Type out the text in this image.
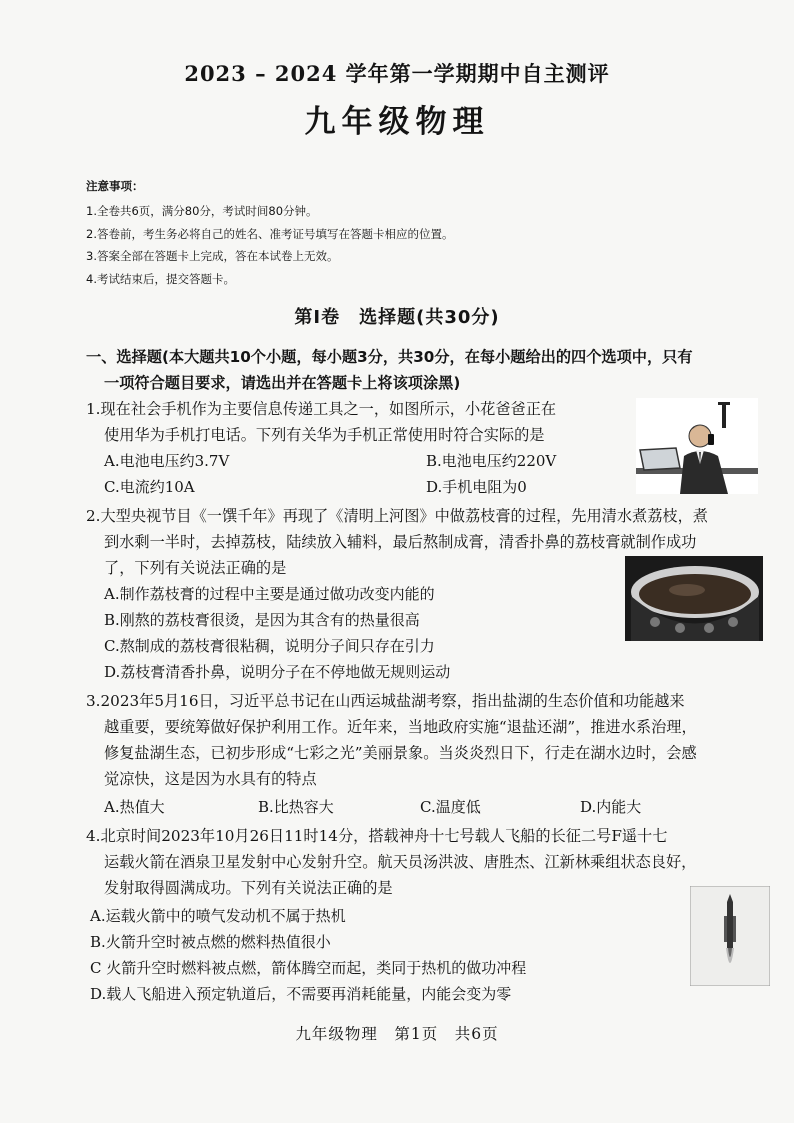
2023 – 2024 学年第一学期期中自主测评
九年级物理
注意事项：
1.全卷共6页，满分80分，考试时间80分钟。
2.答卷前，考生务必将自己的姓名、准考证号填写在答题卡相应的位置。
3.答案全部在答题卡上完成，答在本试卷上无效。
4.考试结束后，提交答题卡。
第Ⅰ卷　选择题(共30分)
一、选择题(本大题共10个小题，每小题3分，共30分，在每小题给出的四个选项中，只有
一项符合题目要求，请选出并在答题卡上将该项涂黑)
1.现在社会手机作为主要信息传递工具之一，如图所示，小花爸爸正在
使用华为手机打电话。下列有关华为手机正常使用时符合实际的是
A.电池电压约3.7V	B.电池电压约220V
C.电流约10A	D.手机电阻为0
2.大型央视节目《一馔千年》再现了《清明上河图》中做荔枝膏的过程，先用清水煮荔枝，煮
到水剩一半时，去掉荔枝，陆续放入辅料，最后熬制成膏，清香扑鼻的荔枝膏就制作成功
了，下列有关说法正确的是
A.制作荔枝膏的过程中主要是通过做功改变内能的
B.刚熬的荔枝膏很烫，是因为其含有的热量很高
C.熬制成的荔枝膏很粘稠，说明分子间只存在引力
D.荔枝膏清香扑鼻，说明分子在不停地做无规则运动
3.2023年5月16日，习近平总书记在山西运城盐湖考察，指出盐湖的生态价值和功能越来
越重要，要统筹做好保护利用工作。近年来，当地政府实施“退盐还湖”，推进水系治理，
修复盐湖生态，已初步形成“七彩之光”美丽景象。当炎炎烈日下，行走在湖水边时，会感
觉凉快，这是因为水具有的特点
A.热值大	B.比热容大	C.温度低	D.内能大
4.北京时间2023年10月26日11时14分，搭载神舟十七号载人飞船的长征二号F遥十七
运载火箭在酒泉卫星发射中心发射升空。航天员汤洪波、唐胜杰、江新林乘组状态良好，
发射取得圆满成功。下列有关说法正确的是
A.运载火箭中的喷气发动机不属于热机
B.火箭升空时被点燃的燃料热值很小
C 火箭升空时燃料被点燃，箭体腾空而起，类同于热机的做功冲程
D.载人飞船进入预定轨道后，不需要再消耗能量，内能会变为零
九年级物理　第1页　共6页
